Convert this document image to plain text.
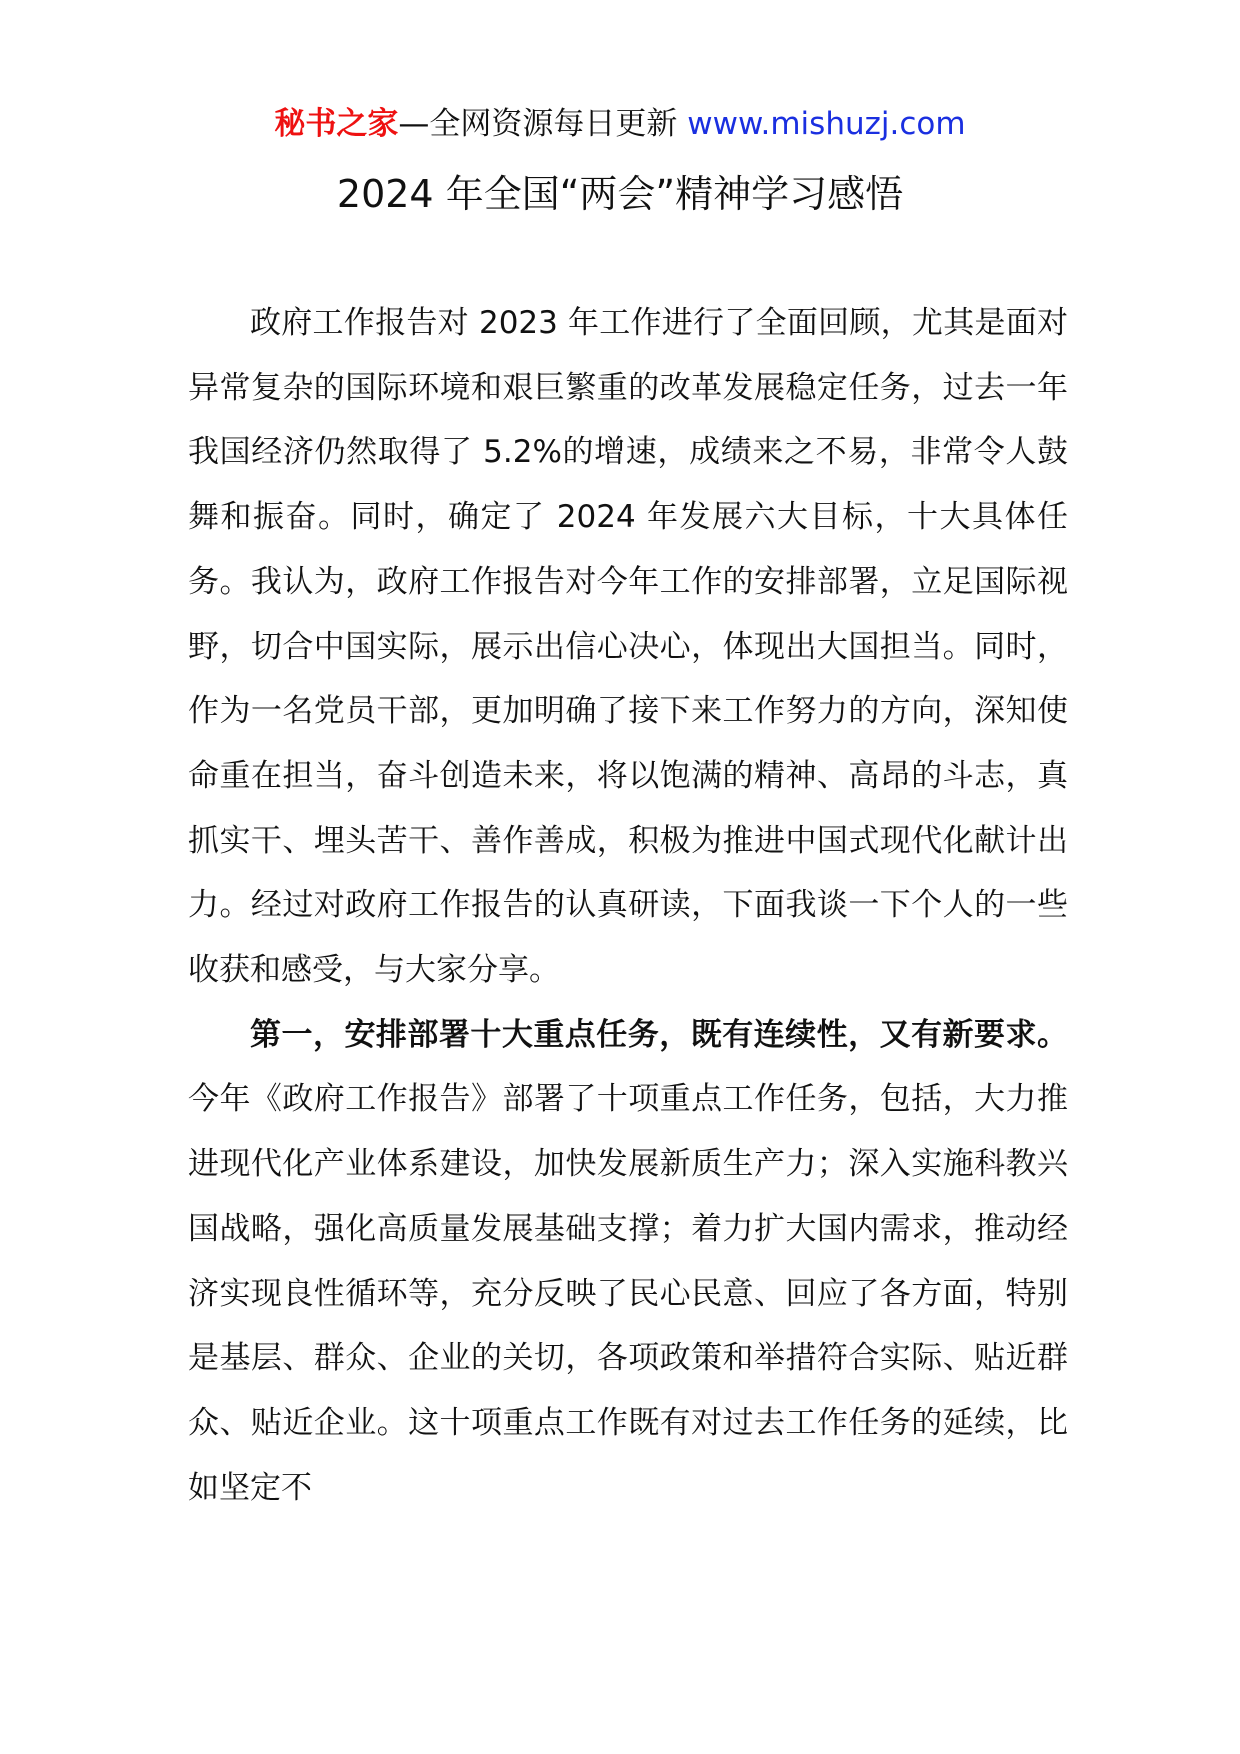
秘书之家—全网资源每日更新 www.mishuzj.com
2024 年全国“两会”精神学习感悟

政府工作报告对 2023 年工作进行了全面回顾，尤其是面对异常复杂的国际环境和艰巨繁重的改革发展稳定任务，过去一年我国经济仍然取得了 5.2%的增速，成绩来之不易，非常令人鼓舞和振奋。同时，确定了 2024 年发展六大目标，十大具体任务。我认为，政府工作报告对今年工作的安排部署，立足国际视野，切合中国实际，展示出信心决心，体现出大国担当。同时，作为一名党员干部，更加明确了接下来工作努力的方向，深知使命重在担当，奋斗创造未来，将以饱满的精神、高昂的斗志，真抓实干、埋头苦干、善作善成，积极为推进中国式现代化献计出力。经过对政府工作报告的认真研读，下面我谈一下个人的一些收获和感受，与大家分享。

第一，安排部署十大重点任务，既有连续性，又有新要求。今年《政府工作报告》部署了十项重点工作任务，包括，大力推进现代化产业体系建设，加快发展新质生产力；深入实施科教兴国战略，强化高质量发展基础支撑；着力扩大国内需求，推动经济实现良性循环等，充分反映了民心民意、回应了各方面，特别是基层、群众、企业的关切，各项政策和举措符合实际、贴近群众、贴近企业。这十项重点工作既有对过去工作任务的延续，比如坚定不
